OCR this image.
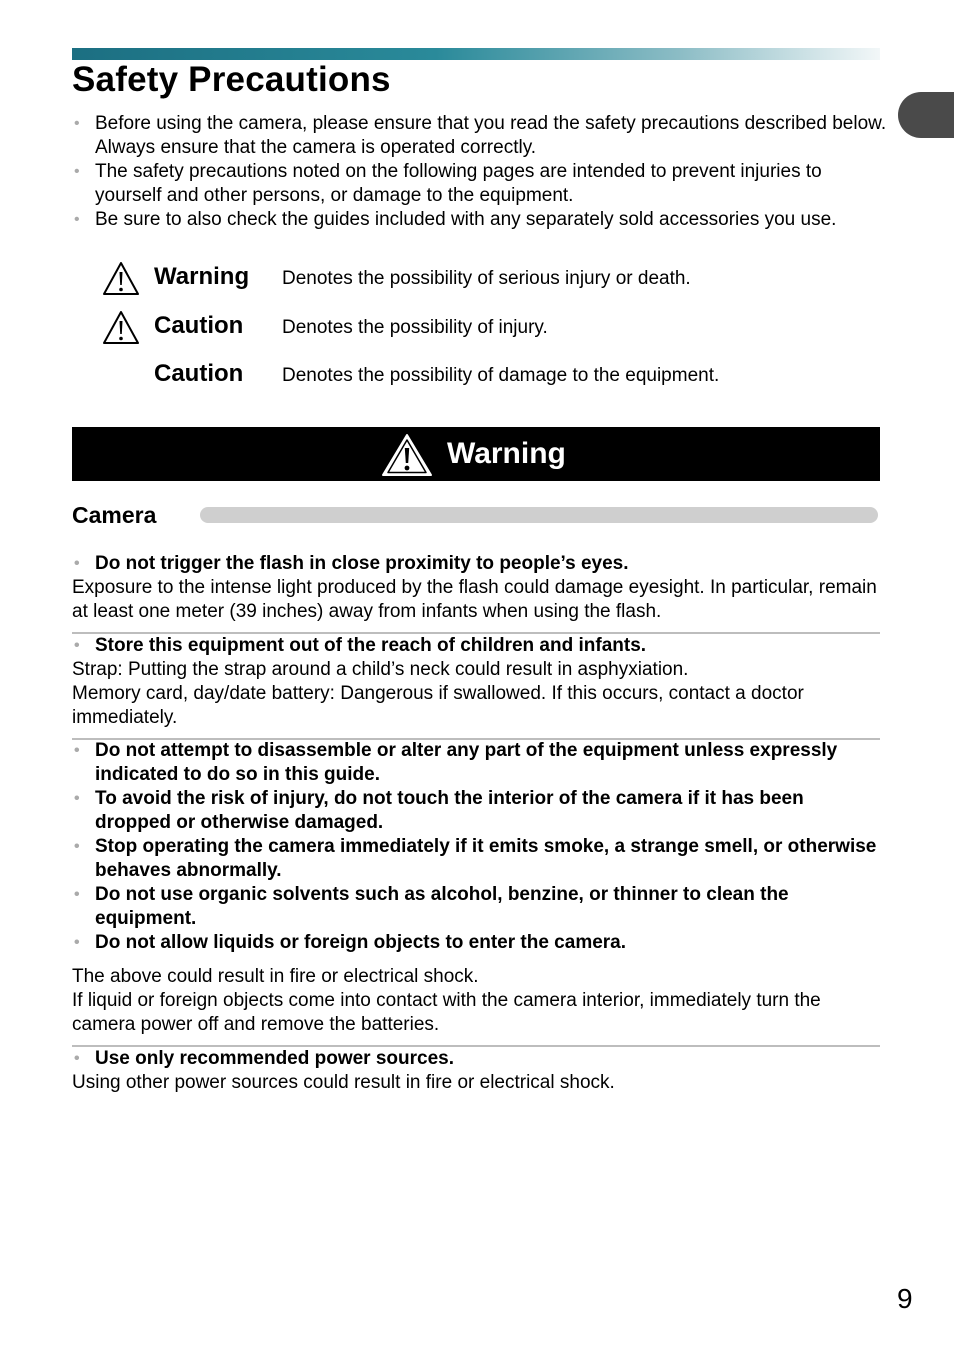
Safety Precautions
• Before using the camera, please ensure that you read the safety precautions described below. Always ensure that the camera is operated correctly.
• The safety precautions noted on the following pages are intended to prevent injuries to yourself and other persons, or damage to the equipment.
• Be sure to also check the guides included with any separately sold accessories you use.
Warning Denotes the possibility of serious injury or death.
Caution Denotes the possibility of injury.
Caution Denotes the possibility of damage to the equipment.
Warning
Camera
• Do not trigger the flash in close proximity to people’s eyes.

Exposure to the intense light produced by the flash could damage eyesight. In particular, remain at least one meter (39 inches) away from infants when using the flash.

• Store this equipment out of the reach of children and infants.

Strap: Putting the strap around a child’s neck could result in asphyxiation.

Memory card, day/date battery: Dangerous if swallowed. If this occurs, contact a doctor immediately.

• Do not attempt to disassemble or alter any part of the equipment unless expressly indicated to do so in this guide.
• To avoid the risk of injury, do not touch the interior of the camera if it has been dropped or otherwise damaged.
• Stop operating the camera immediately if it emits smoke, a strange smell, or otherwise behaves abnormally.
• Do not use organic solvents such as alcohol, benzine, or thinner to clean the equipment.
• Do not allow liquids or foreign objects to enter the camera.

The above could result in fire or electrical shock.

If liquid or foreign objects come into contact with the camera interior, immediately turn the camera power off and remove the batteries.

• Use only recommended power sources.

Using other power sources could result in fire or electrical shock.

9
